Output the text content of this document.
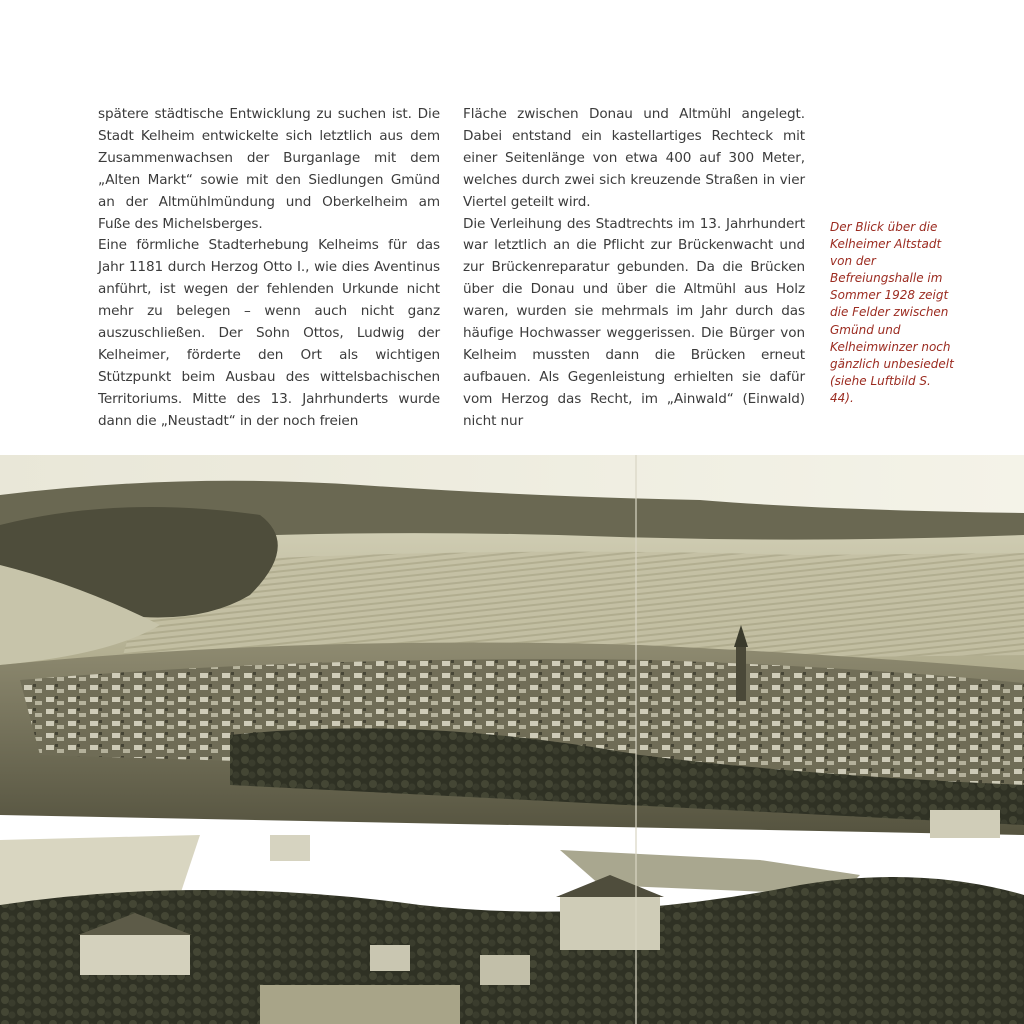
spätere städtische Entwicklung zu suchen ist. Die Stadt Kelheim entwickelte sich letztlich aus dem Zusammenwachsen der Burganlage mit dem „Alten Markt“ sowie mit den Siedlungen Gmünd an der Altmühlmündung und Oberkelheim am Fuße des Michelsberges.

Eine förmliche Stadterhebung Kelheims für das Jahr 1181 durch Herzog Otto I., wie dies Aventinus anführt, ist wegen der fehlenden Urkunde nicht mehr zu belegen – wenn auch nicht ganz auszuschließen. Der Sohn Ottos, Ludwig der Kelheimer, förderte den Ort als wichtigen Stützpunkt beim Ausbau des wittelsbachischen Territoriums. Mitte des 13. Jahrhunderts wurde dann die „Neustadt“ in der noch freien

Fläche zwischen Donau und Altmühl angelegt. Dabei entstand ein kastellartiges Rechteck mit einer Seitenlänge von etwa 400 auf 300 Meter, welches durch zwei sich kreuzende Straßen in vier Viertel geteilt wird.

Die Verleihung des Stadtrechts im 13. Jahrhundert war letztlich an die Pflicht zur Brückenwacht und zur Brückenreparatur gebunden. Da die Brücken über die Donau und über die Altmühl aus Holz waren, wurden sie mehrmals im Jahr durch das häufige Hochwasser weggerissen. Die Bürger von Kelheim mussten dann die Brücken erneut aufbauen. Als Gegenleistung erhielten sie dafür vom Herzog das Recht, im „Ainwald“ (Einwald) nicht nur

Der Blick über die Kelheimer Altstadt von der Befreiungshalle im Sommer 1928 zeigt die Felder zwischen Gmünd und Kelheimwinzer noch gänzlich unbesiedelt (siehe Luftbild S. 44).
